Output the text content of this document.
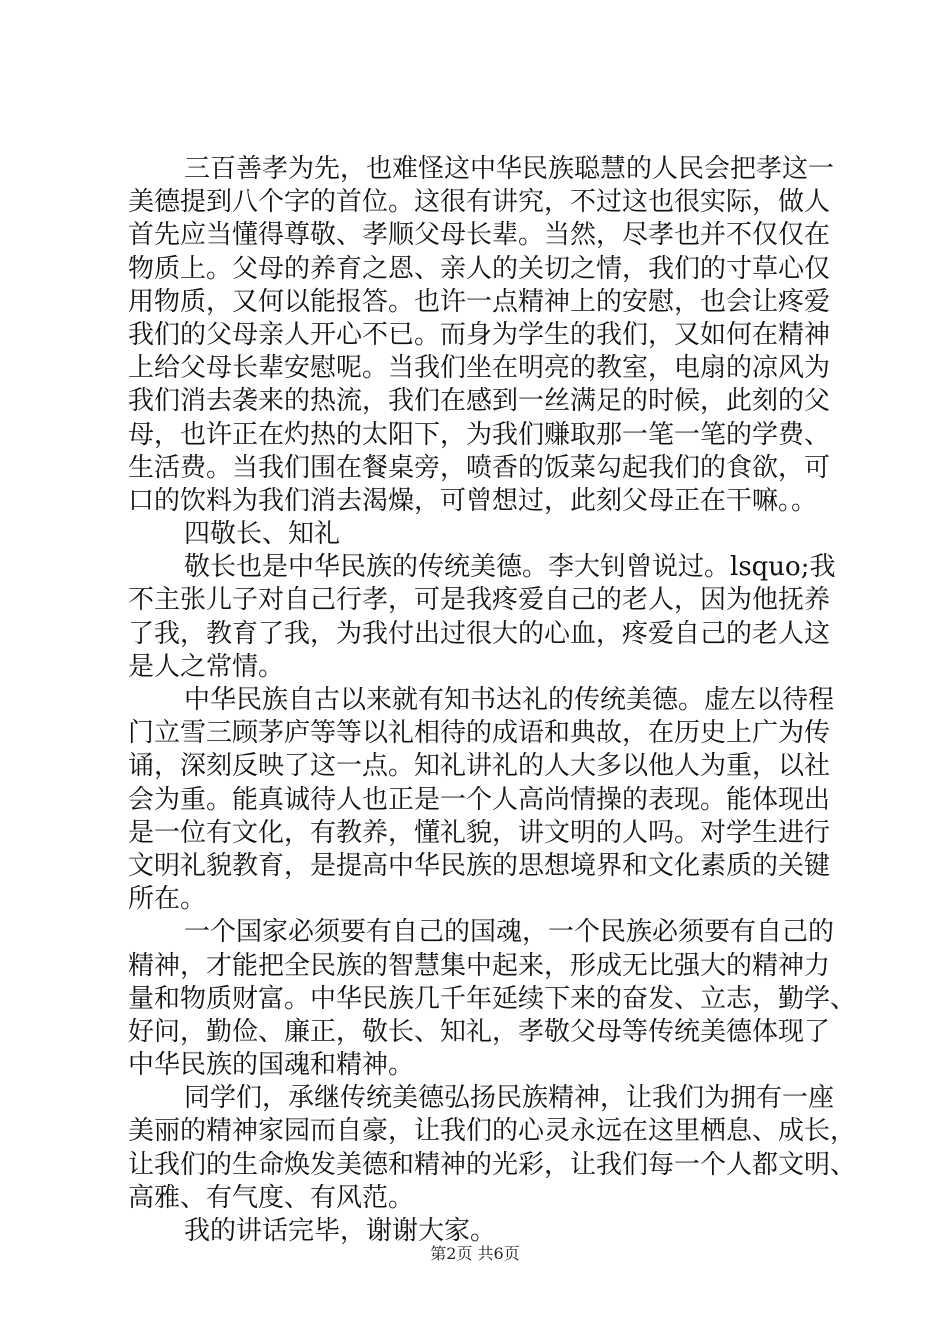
三百善孝为先，也难怪这中华民族聪慧的人民会把孝这一
美德提到八个字的首位。这很有讲究，不过这也很实际，做人
首先应当懂得尊敬、孝顺父母长辈。当然，尽孝也并不仅仅在
物质上。父母的养育之恩、亲人的关切之情，我们的寸草心仅
用物质，又何以能报答。也许一点精神上的安慰，也会让疼爱
我们的父母亲人开心不已。而身为学生的我们，又如何在精神
上给父母长辈安慰呢。当我们坐在明亮的教室，电扇的凉风为
我们消去袭来的热流，我们在感到一丝满足的时候，此刻的父
母，也许正在灼热的太阳下，为我们赚取那一笔一笔的学费、
生活费。当我们围在餐桌旁，喷香的饭菜勾起我们的食欲，可
口的饮料为我们消去渴燥，可曾想过，此刻父母正在干嘛。。
四敬长、知礼
敬长也是中华民族的传统美德。李大钊曾说过。lsquo;我
不主张儿子对自己行孝，可是我疼爱自己的老人，因为他抚养
了我，教育了我，为我付出过很大的心血，疼爱自己的老人这
是人之常情。
中华民族自古以来就有知书达礼的传统美德。虚左以待程
门立雪三顾茅庐等等以礼相待的成语和典故，在历史上广为传
诵，深刻反映了这一点。知礼讲礼的人大多以他人为重，以社
会为重。能真诚待人也正是一个人高尚情操的表现。能体现出
是一位有文化，有教养，懂礼貌，讲文明的人吗。对学生进行
文明礼貌教育，是提高中华民族的思想境界和文化素质的关键
所在。
一个国家必须要有自己的国魂，一个民族必须要有自己的
精神，才能把全民族的智慧集中起来，形成无比强大的精神力
量和物质财富。中华民族几千年延续下来的奋发、立志，勤学、
好问，勤俭、廉正，敬长、知礼，孝敬父母等传统美德体现了
中华民族的国魂和精神。
同学们，承继传统美德弘扬民族精神，让我们为拥有一座
美丽的精神家园而自豪，让我们的心灵永远在这里栖息、成长，
让我们的生命焕发美德和精神的光彩，让我们每一个人都文明、
高雅、有气度、有风范。
我的讲话完毕，谢谢大家。
第2页 共6页
